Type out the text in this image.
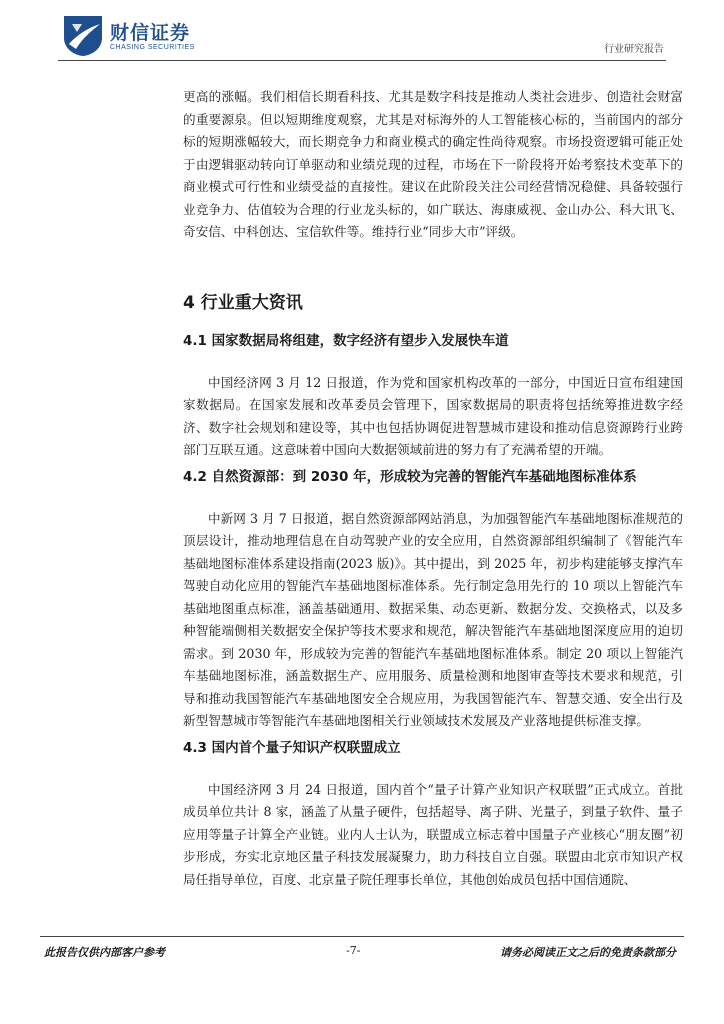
财信证券
CHASING SECURITIES	行业研究报告

更高的涨幅。我们相信长期看科技、尤其是数字科技是推动人类社会进步、创造社会财富的重要源泉。但以短期维度观察，尤其是对标海外的人工智能核心标的，当前国内的部分标的短期涨幅较大，而长期竞争力和商业模式的确定性尚待观察。市场投资逻辑可能正处于由逻辑驱动转向订单驱动和业绩兑现的过程，市场在下一阶段将开始考察技术变革下的商业模式可行性和业绩受益的直接性。建议在此阶段关注公司经营情况稳健、具备较强行业竞争力、估值较为合理的行业龙头标的，如广联达、海康威视、金山办公、科大讯飞、奇安信、中科创达、宝信软件等。维持行业“同步大市”评级。

4 行业重大资讯
4.1 国家数据局将组建，数字经济有望步入发展快车道

中国经济网 3 月 12 日报道，作为党和国家机构改革的一部分，中国近日宣布组建国家数据局。在国家发展和改革委员会管理下，国家数据局的职责将包括统筹推进数字经济、数字社会规划和建设等，其中也包括协调促进智慧城市建设和推动信息资源跨行业跨部门互联互通。这意味着中国向大数据领域前进的努力有了充满希望的开端。

4.2 自然资源部：到 2030 年，形成较为完善的智能汽车基础地图标准体系

中新网 3 月 7 日报道，据自然资源部网站消息，为加强智能汽车基础地图标准规范的顶层设计，推动地理信息在自动驾驶产业的安全应用，自然资源部组织编制了《智能汽车基础地图标准体系建设指南(2023 版)》。其中提出，到 2025 年，初步构建能够支撑汽车驾驶自动化应用的智能汽车基础地图标准体系。先行制定急用先行的 10 项以上智能汽车基础地图重点标准，涵盖基础通用、数据采集、动态更新、数据分发、交换格式，以及多种智能端侧相关数据安全保护等技术要求和规范，解决智能汽车基础地图深度应用的迫切需求。到 2030 年，形成较为完善的智能汽车基础地图标准体系。制定 20 项以上智能汽车基础地图标准，涵盖数据生产、应用服务、质量检测和地图审查等技术要求和规范，引导和推动我国智能汽车基础地图安全合规应用，为我国智能汽车、智慧交通、安全出行及新型智慧城市等智能汽车基础地图相关行业领域技术发展及产业落地提供标准支撑。

4.3 国内首个量子知识产权联盟成立

中国经济网 3 月 24 日报道，国内首个“量子计算产业知识产权联盟”正式成立。首批成员单位共计 8 家，涵盖了从量子硬件，包括超导、离子阱、光量子，到量子软件、量子应用等量子计算全产业链。业内人士认为，联盟成立标志着中国量子产业核心“朋友圈”初步形成，夯实北京地区量子科技发展凝聚力，助力科技自立自强。联盟由北京市知识产权局任指导单位，百度、北京量子院任理事长单位，其他创始成员包括中国信通院、

此报告仅供内部客户参考	-7-	请务必阅读正文之后的免责条款部分
